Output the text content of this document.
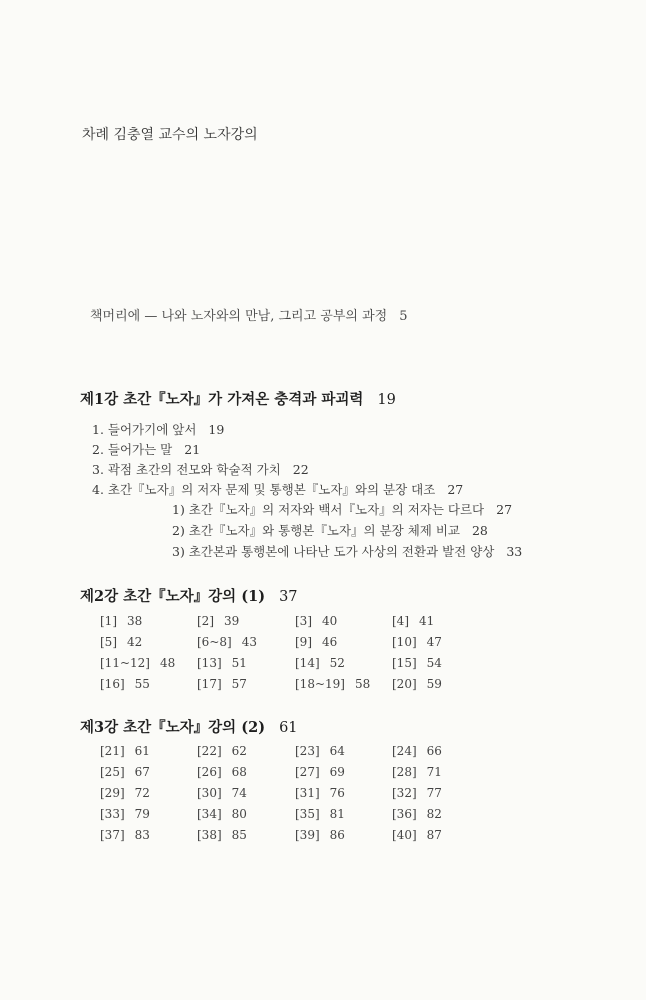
차례 김충열 교수의 노자강의
책머리에 — 나와 노자와의 만남, 그리고 공부의 과정 5
제1강 초간『노자』가 가져온 충격과 파괴력 19
1. 들어가기에 앞서 19
2. 들어가는 말 21
3. 곽점 초간의 전모와 학술적 가치 22
4. 초간『노자』의 저자 문제 및 통행본『노자』와의 분장 대조 27
1) 초간『노자』의 저자와 백서『노자』의 저자는 다르다 27
2) 초간『노자』와 통행본『노자』의 분장 체제 비교 28
3) 초간본과 통행본에 나타난 도가 사상의 전환과 발전 양상 33
제2강 초간『노자』강의 (1) 37
[1] 38	[2] 39	[3] 40	[4] 41
[5] 42	[6~8] 43	[9] 46	[10] 47
[11~12] 48 [13] 51	[14] 52	[15] 54
[16] 55	[17] 57	[18~19] 58 [20] 59
제3강 초간『노자』강의 (2) 61
[21] 61	[22] 62	[23] 64	[24] 66
[25] 67	[26] 68	[27] 69	[28] 71
[29] 72	[30] 74	[31] 76	[32] 77
[33] 79	[34] 80	[35] 81	[36] 82
[37] 83	[38] 85	[39] 86	[40] 87
